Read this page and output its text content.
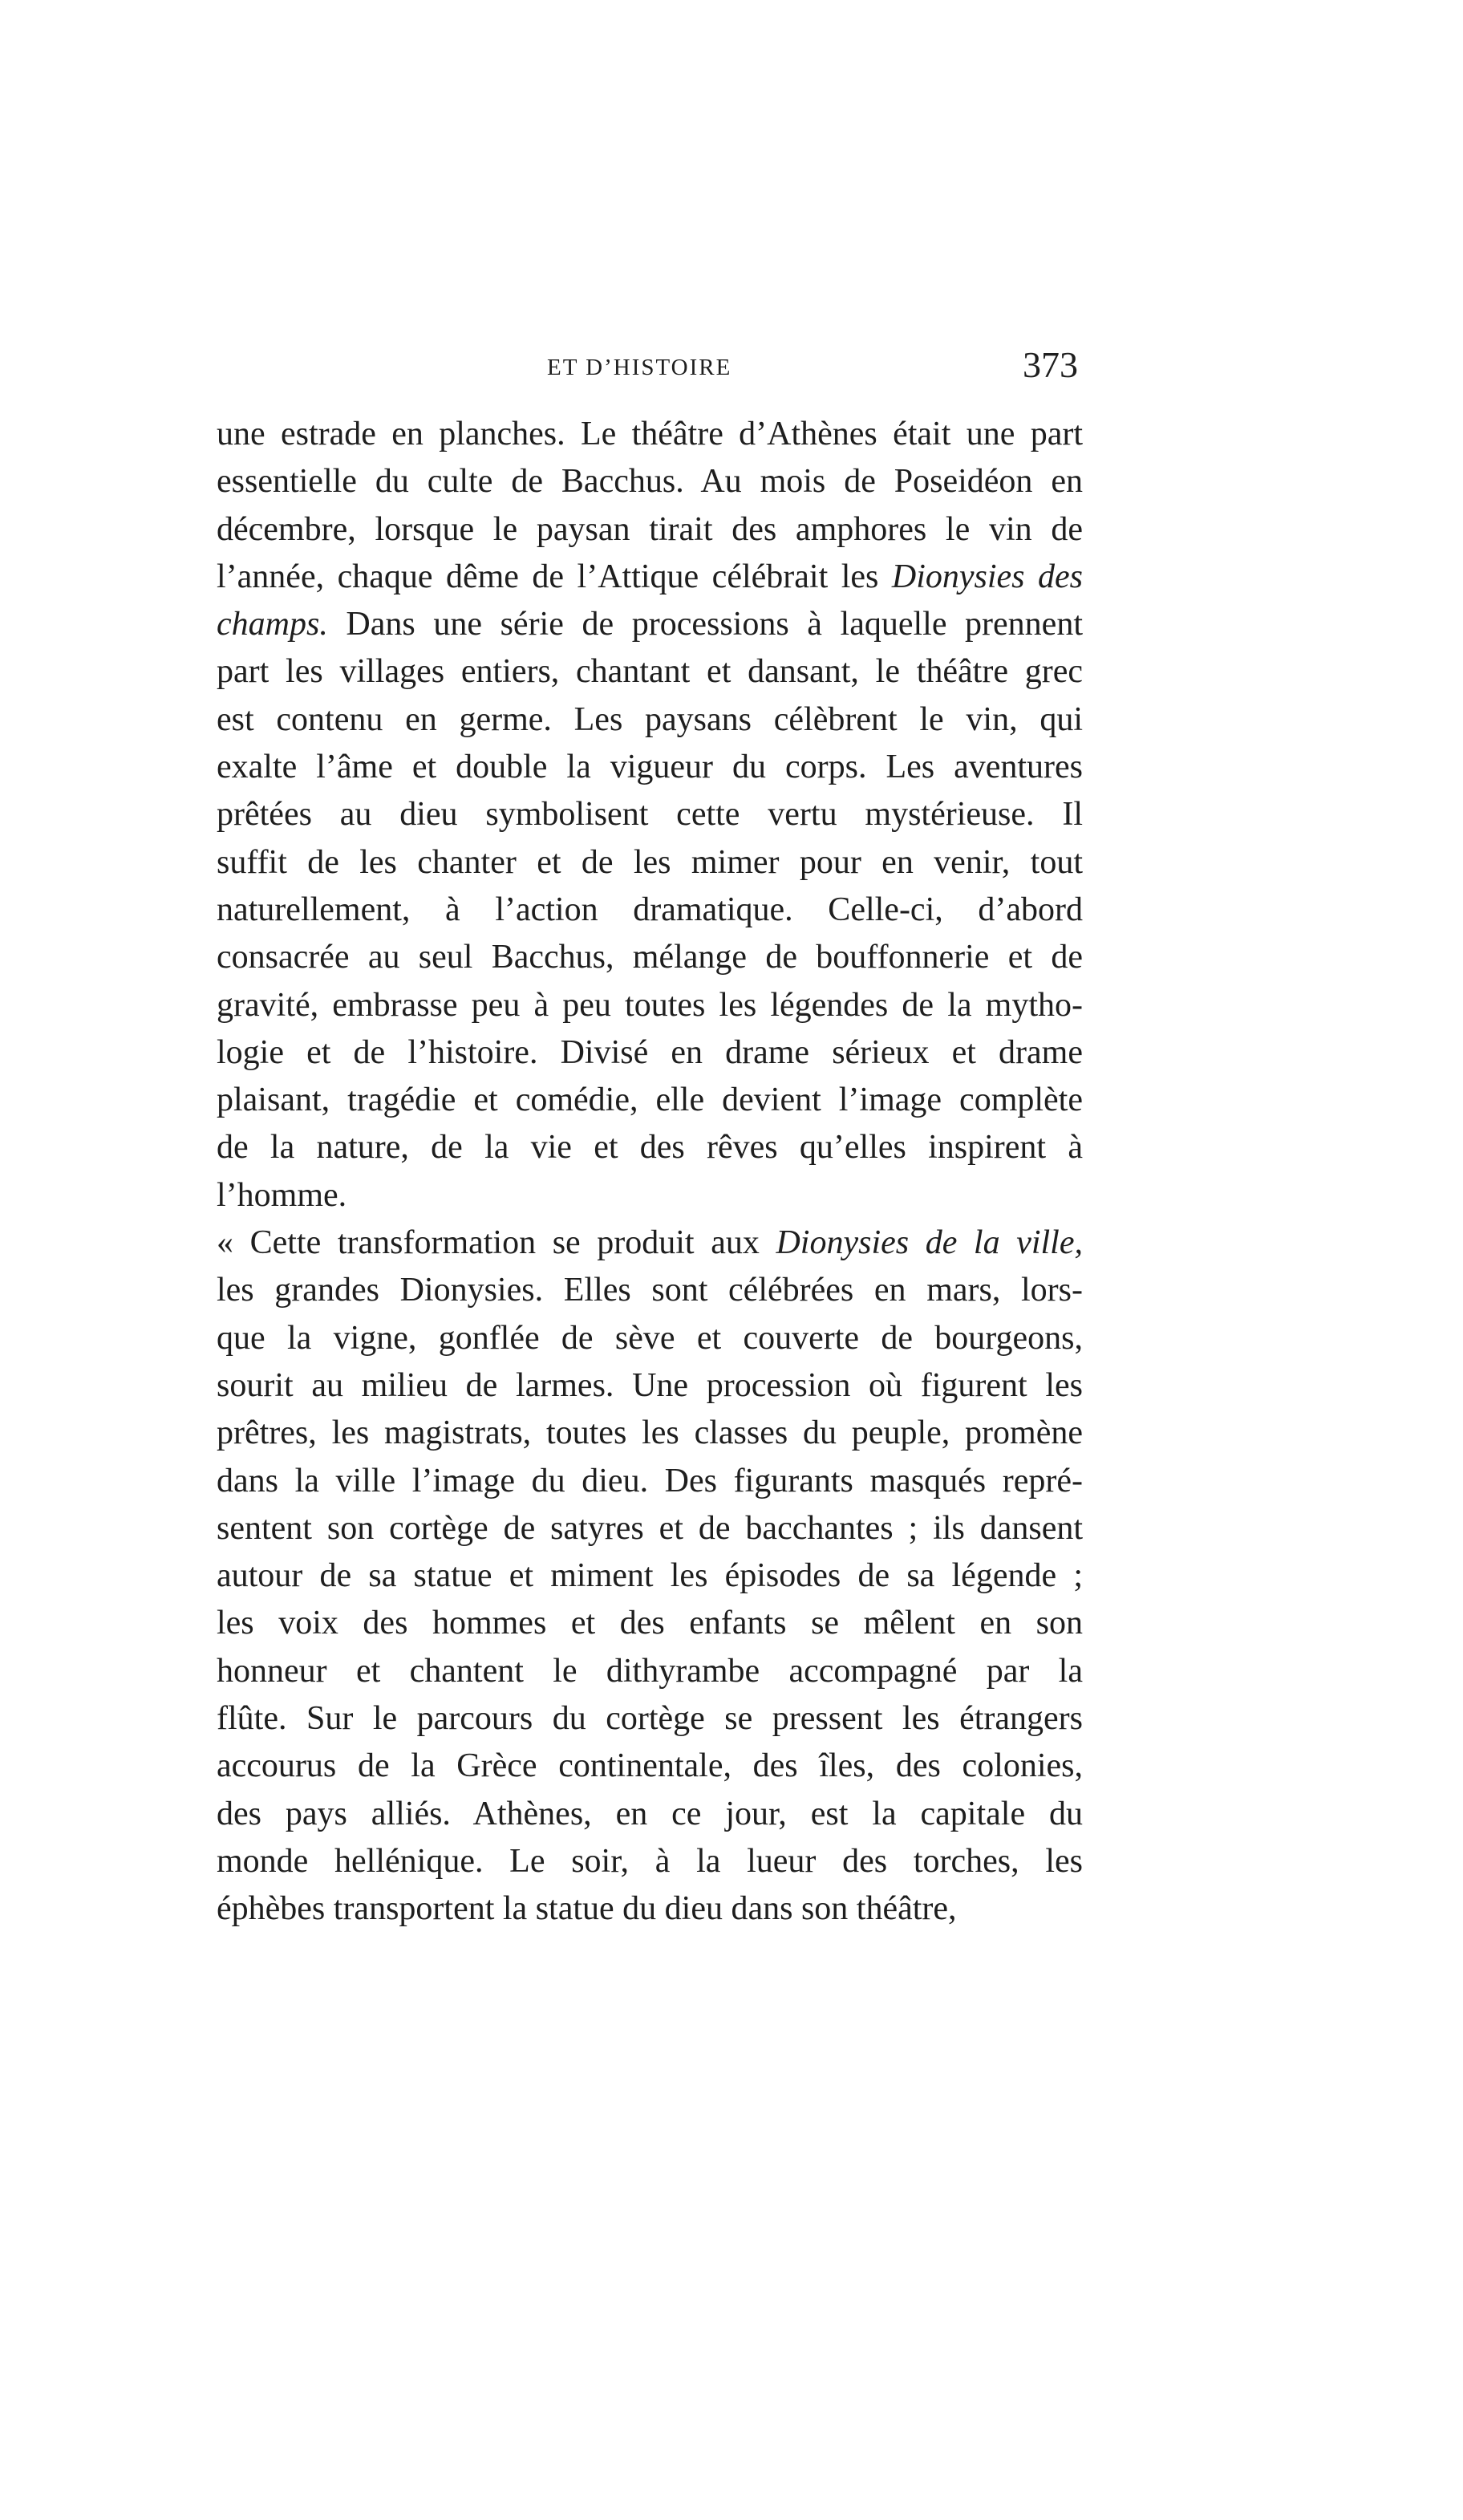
ET D’HISTOIRE	373
une estrade en planches. Le théâtre d’Athènes était une part
essentielle du culte de Bacchus. Au mois de Poseidéon en
décembre, lorsque le paysan tirait des amphores le vin de
l’année, chaque dême de l’Attique célébrait les Dionysies des
champs. Dans une série de processions à laquelle prennent
part les villages entiers, chantant et dansant, le théâtre grec
est contenu en germe. Les paysans célèbrent le vin, qui
exalte l’âme et double la vigueur du corps. Les aventures
prêtées au dieu symbolisent cette vertu mystérieuse. Il
suffit de les chanter et de les mimer pour en venir, tout
naturellement, à l’action dramatique. Celle-ci, d’abord
consacrée au seul Bacchus, mélange de bouffonnerie et de
gravité, embrasse peu à peu toutes les légendes de la mytho-
logie et de l’histoire. Divisé en drame sérieux et drame
plaisant, tragédie et comédie, elle devient l’image complète
de la nature, de la vie et des rêves qu’elles inspirent à
l’homme.
« Cette transformation se produit aux Dionysies de la ville,
les grandes Dionysies. Elles sont célébrées en mars, lors-
que la vigne, gonflée de sève et couverte de bourgeons,
sourit au milieu de larmes. Une procession où figurent les
prêtres, les magistrats, toutes les classes du peuple, promène
dans la ville l’image du dieu. Des figurants masqués repré-
sentent son cortège de satyres et de bacchantes ; ils dansent
autour de sa statue et miment les épisodes de sa légende ;
les voix des hommes et des enfants se mêlent en son
honneur et chantent le dithyrambe accompagné par la
flûte. Sur le parcours du cortège se pressent les étrangers
accourus de la Grèce continentale, des îles, des colonies,
des pays alliés. Athènes, en ce jour, est la capitale du
monde hellénique. Le soir, à la lueur des torches, les
éphèbes transportent la statue du dieu dans son théâtre,
